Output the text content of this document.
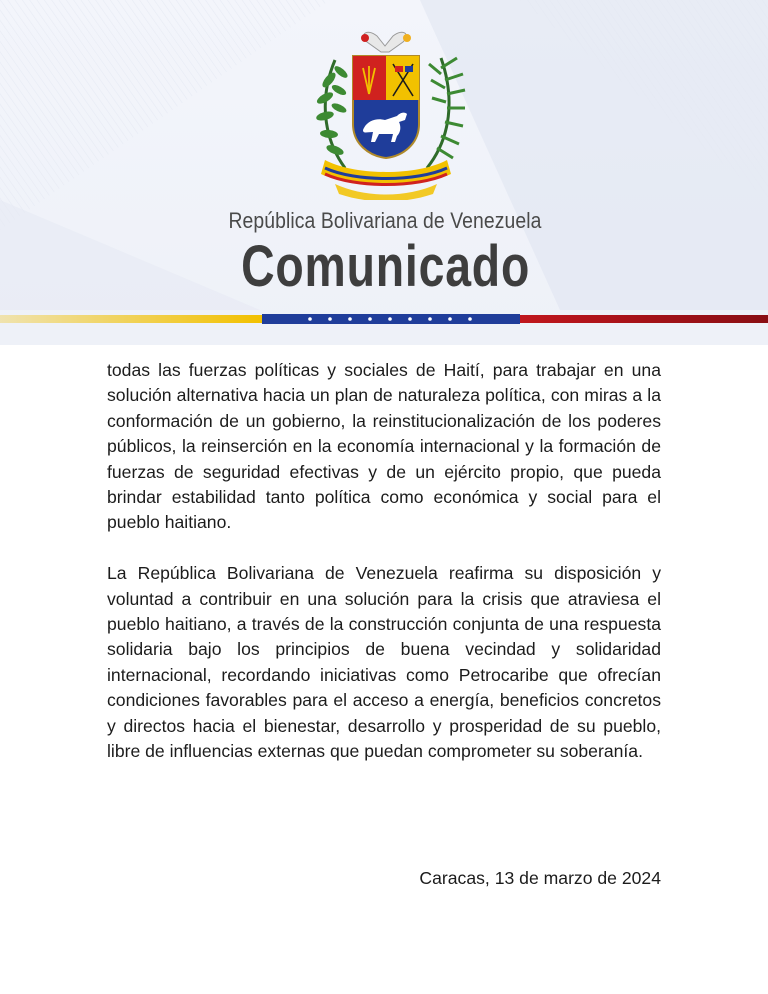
República Bolivariana de Venezuela
Comunicado

todas las fuerzas políticas y sociales de Haití, para trabajar en una solución alternativa hacia un plan de naturaleza política, con miras a la conformación de un gobierno, la reinstitucionalización de los poderes públicos, la reinserción en la economía internacional y la formación de fuerzas de seguridad efectivas y de un ejército propio, que pueda brindar estabilidad tanto política como económica y social para el pueblo haitiano.

La República Bolivariana de Venezuela reafirma su disposición y voluntad a contribuir en una solución para la crisis que atraviesa el pueblo haitiano, a través de la construcción conjunta de una respuesta solidaria bajo los principios de buena vecindad y solidaridad internacional, recordando iniciativas como Petrocaribe que ofrecían condiciones favorables para el acceso a energía, beneficios concretos y directos hacia el bienestar, desarrollo y prosperidad de su pueblo, libre de influencias externas que puedan comprometer su soberanía.

Caracas, 13 de marzo de 2024
